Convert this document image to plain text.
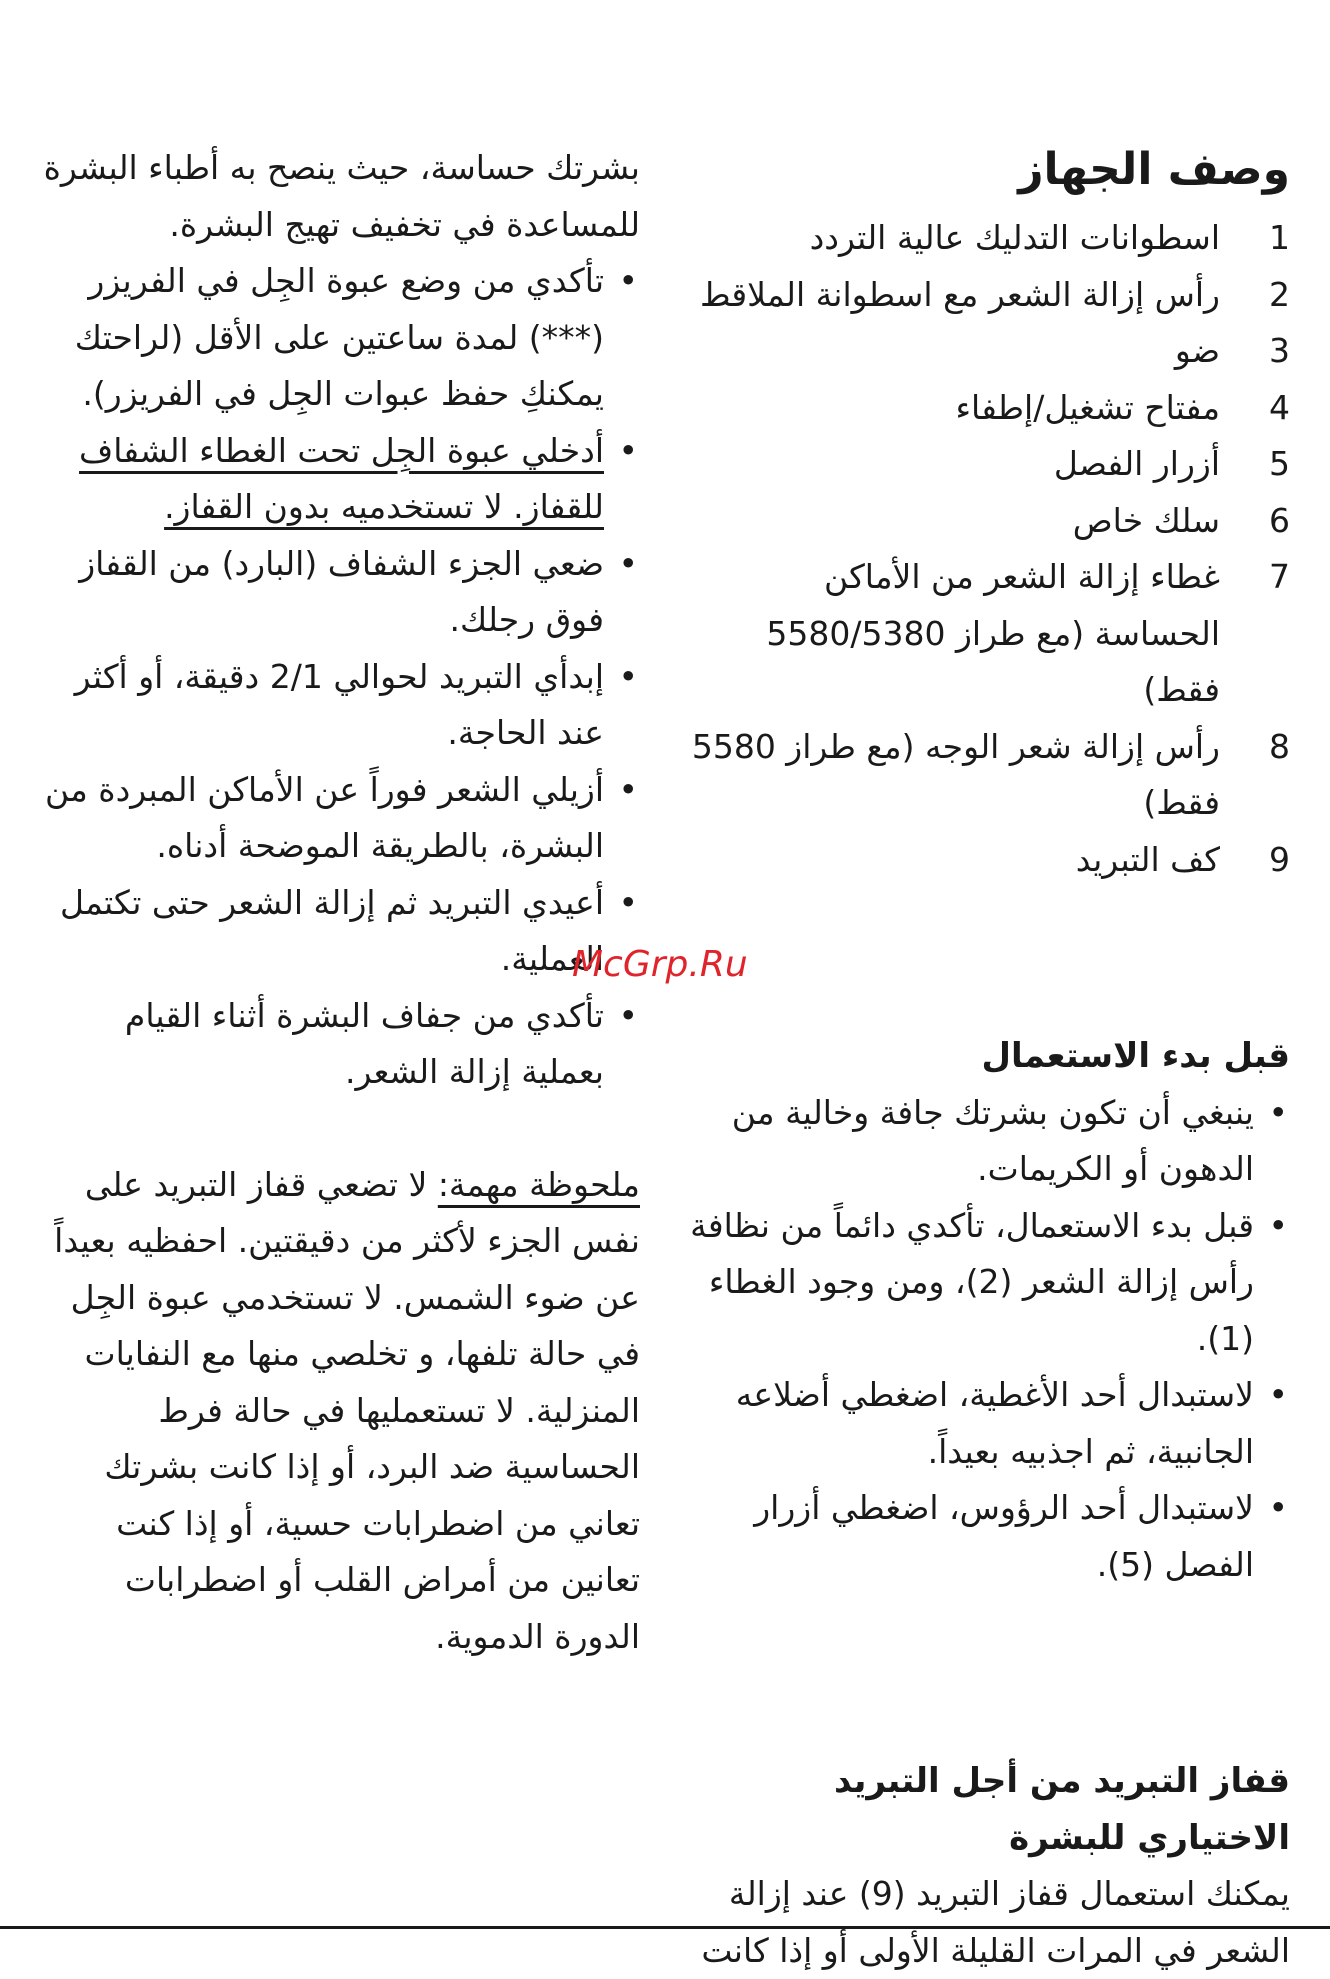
وصف الجهاز
1
اسطوانات التدليك عالية التردد
2
رأس إزالة الشعر مع اسطوانة الملاقط
3
ضو
4
مفتاح تشغيل/إطفاء
5
أزرار الفصل
6
سلك خاص
7
غطاء إزالة الشعر من الأماكن الحساسة (مع طراز 5580/5380 فقط)
8
رأس إزالة شعر الوجه (مع طراز 5580 فقط)
9
كف التبريد
قبل بدء الاستعمال
• ينبغي أن تكون بشرتك جافة وخالية من الدهون أو الكريمات.
• قبل بدء الاستعمال، تأكدي دائماً من نظافة رأس إزالة الشعر (2)، ومن وجود الغطاء (1).
• لاستبدال أحد الأغطية، اضغطي أضلاعه الجانبية، ثم اجذبيه بعيداً.
• لاستبدال أحد الرؤوس، اضغطي أزرار الفصل (5).
قفاز التبريد من أجل التبريد الاختياري للبشرة

يمكنك استعمال قفاز التبريد (9) عند إزالة الشعر في المرات القليلة الأولى أو إذا كانت

بشرتك حساسة، حيث ينصح به أطباء البشرة للمساعدة في تخفيف تهيج البشرة.

• تأكدي من وضع عبوة الجِل في الفريزر (***) لمدة ساعتين على الأقل (لراحتك يمكنكِ حفظ عبوات الجِل في الفريزر).
• أدخلي عبوة الجِل تحت الغطاء الشفاف للقفاز. لا تستخدميه بدون القفاز.
• ضعي الجزء الشفاف (البارد) من القفاز فوق رجلك.
• إبدأي التبريد لحوالي 2/1 دقيقة، أو أكثر عند الحاجة.
• أزيلي الشعر فوراً عن الأماكن المبردة من البشرة، بالطريقة الموضحة أدناه.
• أعيدي التبريد ثم إزالة الشعر حتى تكتمل العملية.
• تأكدي من جفاف البشرة أثناء القيام بعملية إزالة الشعر.

ملحوظة مهمة: لا تضعي قفاز التبريد على نفس الجزء لأكثر من دقيقتين. احفظيه بعيداً عن ضوء الشمس. لا تستخدمي عبوة الجِل في حالة تلفها، و تخلصي منها مع النفايات المنزلية. لا تستعمليها في حالة فرط الحساسية ضد البرد، أو إذا كانت بشرتك تعاني من اضطرابات حسية، أو إذا كنت تعانين من أمراض القلب أو اضطرابات الدورة الدموية.

McGrp.Ru
